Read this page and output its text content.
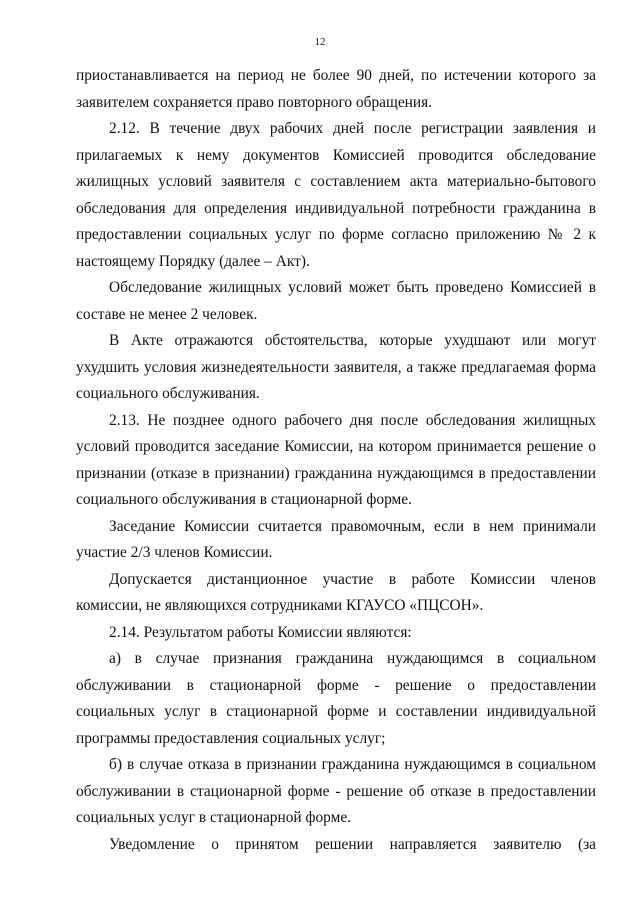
12

приостанавливается на период не более 90 дней, по истечении которого за заявителем сохраняется право повторного обращения.

2.12. В течение двух рабочих дней после регистрации заявления и прилагаемых к нему документов Комиссией проводится обследование жилищных условий заявителя с составлением акта материально-бытового обследования для определения индивидуальной потребности гражданина в предоставлении социальных услуг по форме согласно приложению № 2 к настоящему Порядку (далее – Акт).

Обследование жилищных условий может быть проведено Комиссией в составе не менее 2 человек.

В Акте отражаются обстоятельства, которые ухудшают или могут ухудшить условия жизнедеятельности заявителя, а также предлагаемая форма социального обслуживания.

2.13. Не позднее одного рабочего дня после обследования жилищных условий проводится заседание Комиссии, на котором принимается решение о признании (отказе в признании) гражданина нуждающимся в предоставлении социального обслуживания в стационарной форме.

Заседание Комиссии считается правомочным, если в нем принимали участие 2/3 членов Комиссии.

Допускается дистанционное участие в работе Комиссии членов комиссии, не являющихся сотрудниками КГАУСО «ПЦСОН».

2.14. Результатом работы Комиссии являются:

а) в случае признания гражданина нуждающимся в социальном обслуживании в стационарной форме - решение о предоставлении социальных услуг в стационарной форме и составлении индивидуальной программы предоставления социальных услуг;

б) в случае отказа в признании гражданина нуждающимся в социальном обслуживании в стационарной форме - решение об отказе в предоставлении социальных услуг в стационарной форме.

Уведомление о принятом решении направляется заявителю (за
